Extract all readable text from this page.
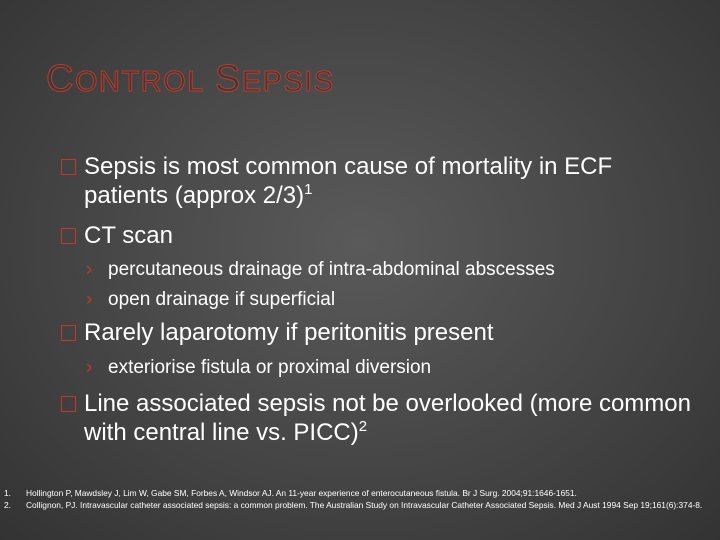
CONTROL SEPSIS
Sepsis is most common cause of mortality in ECF patients (approx 2/3)$^1$
CT scan
› percutaneous drainage of intra-abdominal abscesses
› open drainage if superficial
Rarely laparotomy if peritonitis present
› exteriorise fistula or proximal diversion
Line associated sepsis not be overlooked (more common with central line vs. PICC)$^2$
1. Hollington P, Mawdsley J, Lim W, Gabe SM, Forbes A, Windsor AJ. An 11-year experience of enterocutaneous fistula. Br J Surg. 2004;91:1646-1651.
2. Collignon, PJ. Intravascular catheter associated sepsis: a common problem. The Australian Study on Intravascular Catheter Associated Sepsis. Med J Aust 1994 Sep 19;161(6):374-8.
